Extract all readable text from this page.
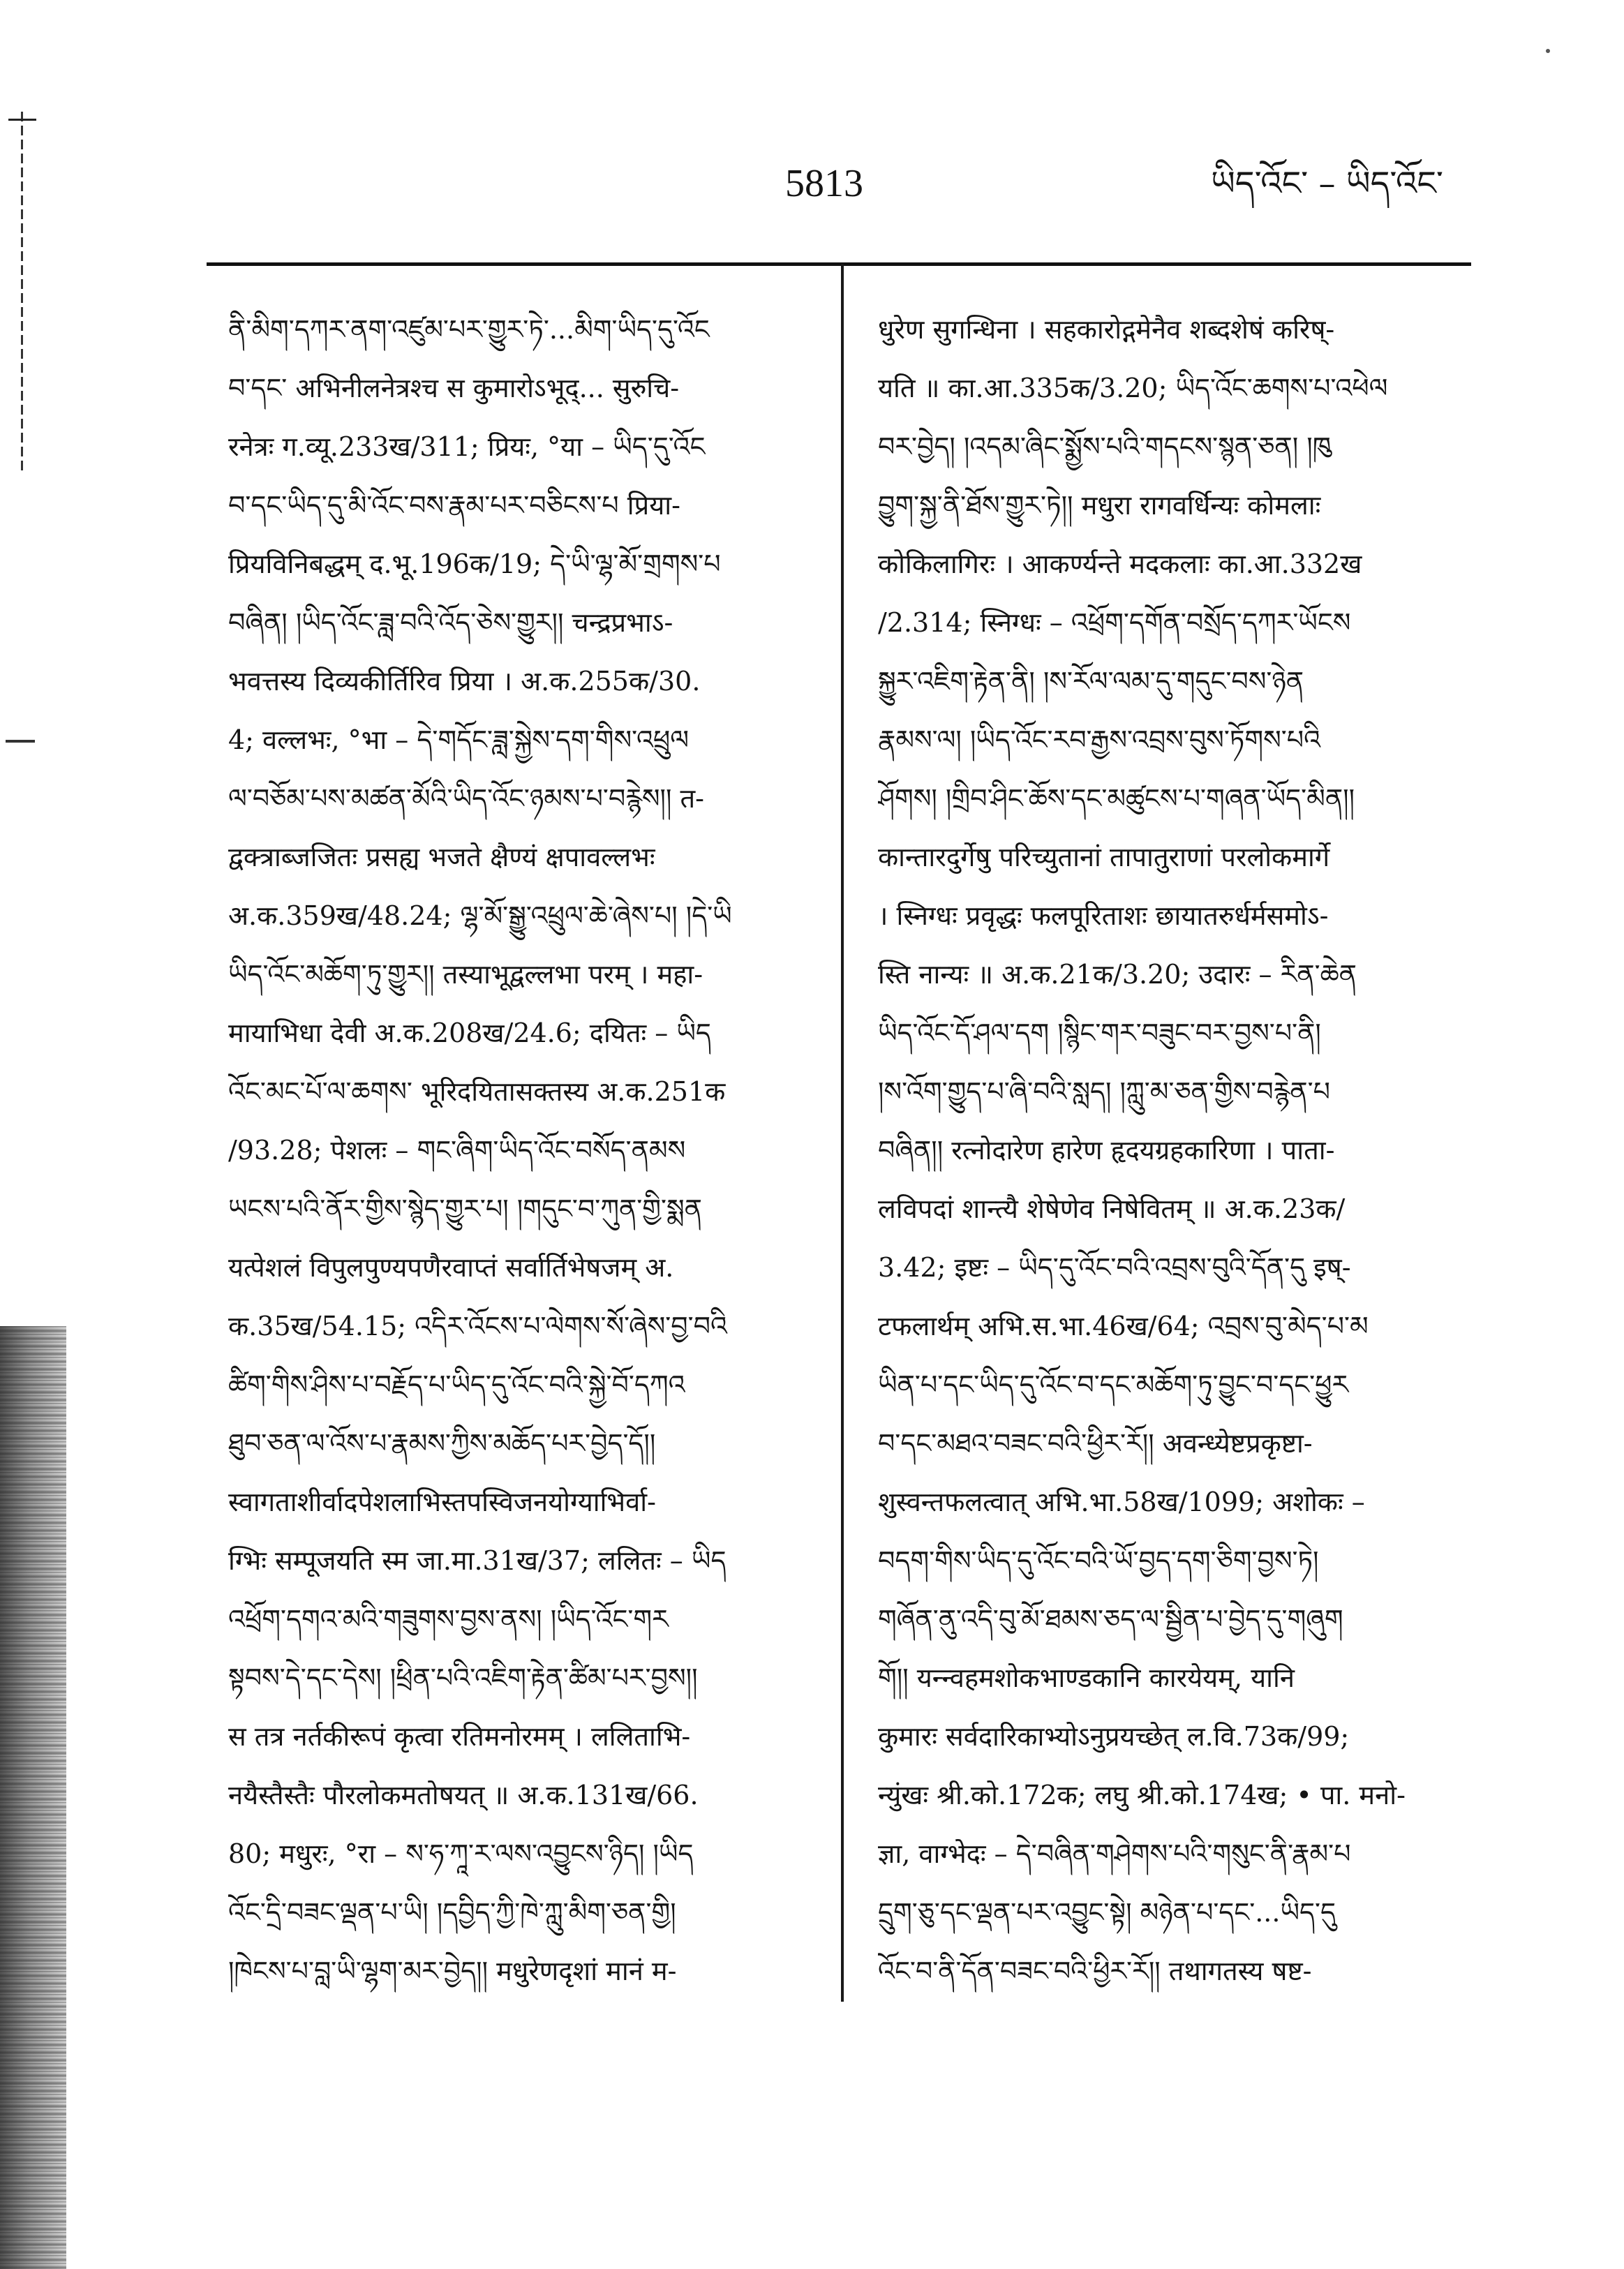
5813	ཡིད་འོང་ – ཡིད་འོང་
ནི་མིག་དཀར་ནག་འཛུམ་པར་གྱུར་ཏེ་...མིག་ཡིད་དུ་འོང
བ་དང་ अभिनीलनेत्रश्च स कुमारोऽभूद्... सुरुचि-
रनेत्रः ग.व्यू.233ख/311; प्रियः, °या – ཡིད་དུ་འོང
བ་དང་ཡིད་དུ་མི་འོང་བས་རྣམ་པར་བཅིངས་པ प्रिया-
प्रियविनिबद्धम् द.भू.196क/19; དེ་ཡི་ལྷ་མོ་གྲགས་པ
བཞིན། །ཡིད་འོང་ཟླ་བའི་འོད་ཅེས་གྱུར།། चन्द्रप्रभाऽ-
भवत्तस्य दिव्यकीर्तिरिव प्रिया । अ.क.255क/30.
4; वल्लभः, °भा – དེ་གདོང་ཟླ་སྐྱེས་དག་གིས་འཕྲུལ
ལ་བཅོམ་པས་མཚན་མོའི་ཡིད་འོང་ཉམས་པ་བརྙེས།། त-
द्वक्त्राब्जजितः प्रसह्य भजते क्षैण्यं क्षपावल्लभः
अ.क.359ख/48.24; ལྷ་མོ་སྒྱུ་འཕྲུལ་ཆེ་ཞེས་པ། །དེ་ཡི
ཡིད་འོང་མཆོག་ཏུ་གྱུར།། तस्याभूद्वल्लभा परम् । महा-
मायाभिधा देवी अ.क.208ख/24.6; दयितः – ཡིད
འོང་མང་པོ་ལ་ཆགས་ भूरिदयितासक्तस्य अ.क.251क
/93.28; पेशलः – གང་ཞིག་ཡིད་འོང་བསོད་ནམས
ཡངས་པའི་ནོར་གྱིས་སྙེད་གྱུར་པ། །གདུང་བ་ཀུན་གྱི་སྨན
यत्पेशलं विपुलपुण्यपणैरवाप्तं सर्वार्तिभेषजम् अ.
क.35ख/54.15; འདིར་འོངས་པ་ལེགས་སོ་ཞེས་བྱ་བའི
ཚིག་གིས་ཤིས་པ་བརྗོད་པ་ཡིད་དུ་འོང་བའི་སྐྱེ་བོ་དཀའ
ཐུབ་ཅན་ལ་འོས་པ་རྣམས་ཀྱིས་མཆོད་པར་བྱེད་དོ།།
स्वागताशीर्वादपेशलाभिस्तपस्विजनयोग्याभिर्वा-
ग्भिः सम्पूजयति स्म जा.मा.31ख/37; ललितः – ཡིད
འཕྲོག་དགའ་མའི་གཟུགས་བྱས་ནས། །ཡིད་འོང་གར
སྟབས་དེ་དང་དེས། །ཕྲིན་པའི་འཇིག་རྟེན་ཚིམ་པར་བྱས།།
स तत्र नर्तकीरूपं कृत्वा रतिमनोरमम् । ललिताभि-
नयैस्तैस्तैः पौरलोकमतोषयत् ॥ अ.क.131ख/66.
80; मधुरः, °रा – ས་ཧ་ཀཱ་ར་ལས་འབྱུངས་ཉིད། །ཡིད
འོང་དྲི་བཟང་ལྡན་པ་ཡི། །དབྱིད་ཀྱི་ཁེ་ཀླུ་མིག་ཅན་གྱི།
།ཁེངས་པ་བླ་ཡི་ལྷག་མར་བྱེད།། मधुरेणदृशां मानं म-
धुरेण सुगन्धिना । सहकारोद्गमेनैव शब्दशेषं करिष्-
यति ॥ का.आ.335क/3.20; ཡིད་འོང་ཆགས་པ་འཕེལ
བར་བྱེད། །འདམ་ཞིང་སྨྱོས་པའི་གདངས་སྙན་ཅན། །ཁུ
བྱུག་སྐྱ་ནི་ཐོས་གྱུར་ཏེ།། मधुरा रागवर्धिन्यः कोमलाः
कोकिलागिरः । आकर्ण्यन्ते मदकलाः का.आ.332ख
/2.314; स्निग्धः – འཕྲོག་དགོན་བསྲོད་དཀར་ཡོངས
སྐྱུར་འཇིག་རྟེན་ནི། །ས་རོལ་ལམ་དུ་གདུང་བས་ཉེན
རྣམས་ལ། །ཡིད་འོང་རབ་རྒྱས་འབྲས་བུས་ཏོགས་པའི
ཤོགས། །གྲིབ་ཤིང་ཆོས་དང་མཚུངས་པ་གཞན་ཡོད་མིན།།
कान्तारदुर्गेषु परिच्युतानां तापातुराणां परलोकमार्गे
। स्निग्धः प्रवृद्धः फलपूरिताशः छायातरुर्धर्मसमोऽ-
स्ति नान्यः ॥ अ.क.21क/3.20; उदारः – རིན་ཆེན
ཡིད་འོང་དོ་ཤལ་དག །སྙིང་གར་བཟུང་བར་བྱས་པ་ནི།
།ས་འོག་གྱུད་པ་ཞི་བའི་སླད། །ཀླུ་མ་ཅན་གྱིས་བརྙེན་པ
བཞིན།། रत्नोदारेण हारेण हृदयग्रहकारिणा । पाता-
लविपदां शान्त्यै शेषेणेव निषेवितम् ॥ अ.क.23क/
3.42; इष्टः – ཡིད་དུ་འོང་བའི་འབྲས་བུའི་དོན་དུ इष्-
टफलार्थम् अभि.स.भा.46ख/64; འབྲས་བུ་མེད་པ་མ
ཡིན་པ་དང་ཡིད་དུ་འོང་བ་དང་མཆོག་ཏུ་བྱུང་བ་དང་ཕྱུར
བ་དང་མཐའ་བཟང་བའི་ཕྱིར་རོ།། अवन्ध्येष्टप्रकृष्टा-
शुस्वन्तफलत्वात् अभि.भा.58ख/1099; अशोकः –
བདག་གིས་ཡིད་དུ་འོང་བའི་ཡོ་བྱད་དག་ཅིག་བྱས་ཏེ།
གཞོན་ནུ་འདི་བུ་མོ་ཐམས་ཅད་ལ་སྦྱིན་པ་བྱེད་དུ་གཞུག
གོ།། यन्न्वहमशोकभाण्डकानि कारयेयम्, यानि
कुमारः सर्वदारिकाभ्योऽनुप्रयच्छेत् ल.वि.73क/99;
न्युंखः श्री.को.172क; लघु श्री.को.174ख; • पा. मनो-
ज्ञा, वाग्भेदः – དེ་བཞིན་གཤེགས་པའི་གསུང་ནི་རྣམ་པ
དྲུག་ཅུ་དང་ལྡན་པར་འབྱུང་སྟེ། མཉེན་པ་དང་...ཡིད་དུ
འོང་བ་ནི་དོན་བཟང་བའི་ཕྱིར་རོ།། तथागतस्य षष्ट-
